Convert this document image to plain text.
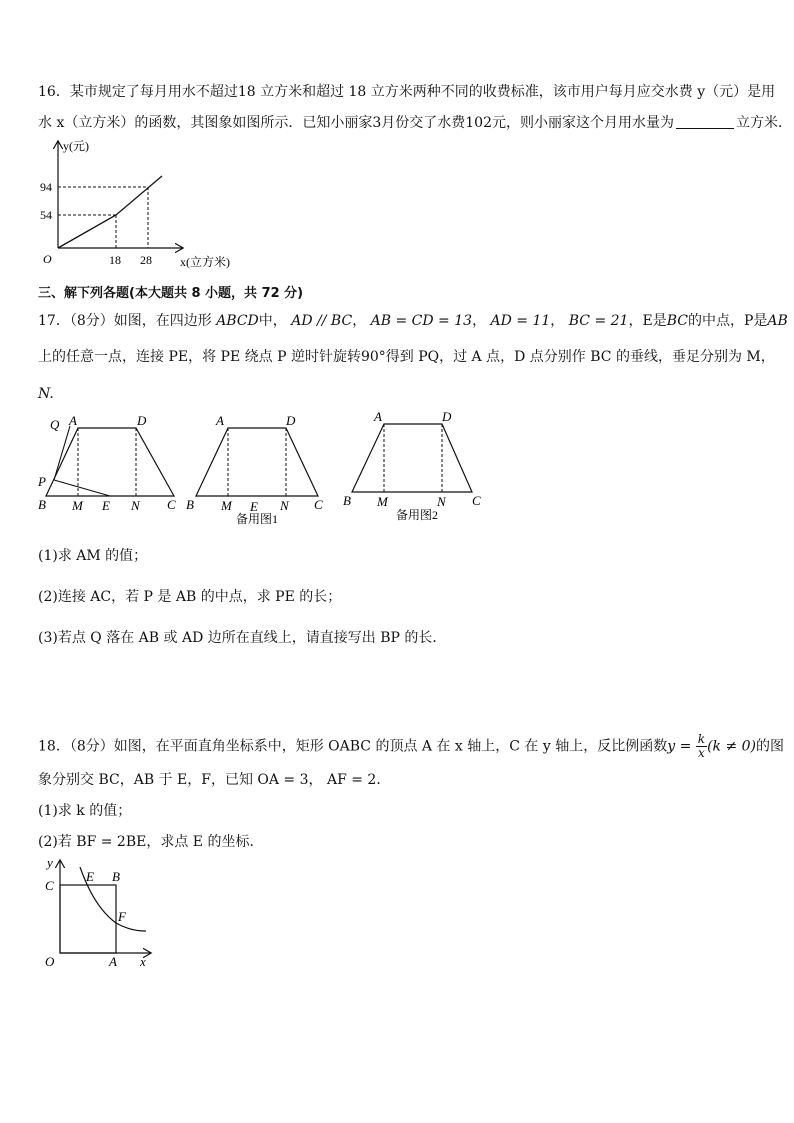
16．某市规定了每月用水不超过18 立方米和超过 18 立方米两种不同的收费标准，该市用户每月应交水费 y（元）是用
水 x（立方米）的函数，其图象如图所示．已知小丽家3月份交了水费102元，则小丽家这个月用水量为	立方米．
y(元)
x(立方米)
O
94
54
18 28
三、解下列各题(本大题共 8 小题，共 72 分)
17．（8分）如图，在四边形 ABCD中， AD // BC， AB = CD = 13， AD = 11， BC = 21，E是BC的中点，P是AB
上的任意一点，连接 PE，将 PE 绕点 P 逆时针旋转90°得到 PQ，过 A 点，D 点分别作 BC 的垂线，垂足分别为 M，
N.
Q A	D
P
B M E N C
A	D
B M E N C
备用图1
A	D
B M	N C
备用图2
(1)求 AM 的值；
(2)连接 AC，若 P 是 AB 的中点，求 PE 的长；
(3)若点 Q 落在 AB 或 AD 边所在直线上，请直接写出 BP 的长．
18．（8分）如图，在平面直角坐标系中，矩形 OABC 的顶点 A 在 x 轴上，C 在 y 轴上，反比例函数$y = \frac{k}{x} (k \ne 0)$的图
象分别交 BC，AB 于 E，F，已知 OA = 3， AF = 2．
(1)求 k 的值；
(2)若 BF = 2BE，求点 E 的坐标．
y
C
E B
F
O	A x
